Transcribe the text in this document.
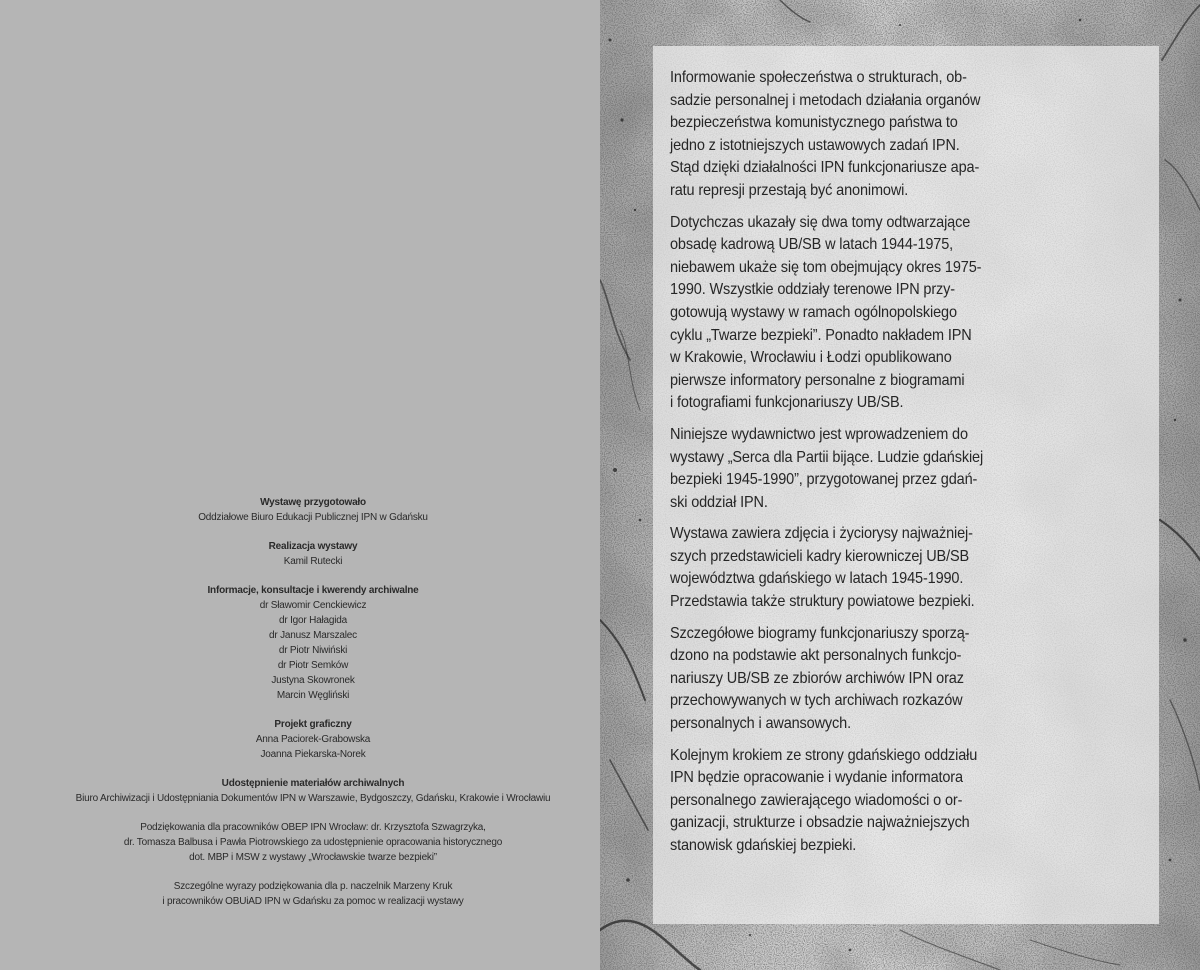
Wystawę przygotowało
Oddziałowe Biuro Edukacji Publicznej IPN w Gdańsku
Realizacja wystawy
Kamil Rutecki
Informacje, konsultacje i kwerendy archiwalne
dr Sławomir Cenckiewicz
dr Igor Hałagida
dr Janusz Marszalec
dr Piotr Niwiński
dr Piotr Semków
Justyna Skowronek
Marcin Węgliński
Projekt graficzny
Anna Paciorek-Grabowska
Joanna Piekarska-Norek
Udostępnienie materiałów archiwalnych
Biuro Archiwizacji i Udostępniania Dokumentów IPN w Warszawie, Bydgoszczy, Gdańsku, Krakowie i Wrocławiu
Podziękowania dla pracowników OBEP IPN Wrocław: dr. Krzysztofa Szwagrzyka,
dr. Tomasza Balbusa i Pawła Piotrowskiego za udostępnienie opracowania historycznego
dot. MBP i MSW z wystawy „Wrocławskie twarze bezpieki”
Szczególne wyrazy podziękowania dla p. naczelnik Marzeny Kruk
i pracowników OBUiAD IPN w Gdańsku za pomoc w realizacji wystawy

Informowanie społeczeństwa o strukturach, ob-
sadzie personalnej i metodach działania organów
bezpieczeństwa komunistycznego państwa to
jedno z istotniejszych ustawowych zadań IPN.
Stąd dzięki działalności IPN funkcjonariusze apa-
ratu represji przestają być anonimowi.

Dotychczas ukazały się dwa tomy odtwarzające
obsadę kadrową UB/SB w latach 1944-1975,
niebawem ukaże się tom obejmujący okres 1975-
1990. Wszystkie oddziały terenowe IPN przy-
gotowują wystawy w ramach ogólnopolskiego
cyklu „Twarze bezpieki”. Ponadto nakładem IPN
w Krakowie, Wrocławiu i Łodzi opublikowano
pierwsze informatory personalne z biogramami
i fotografiami funkcjonariuszy UB/SB.

Niniejsze wydawnictwo jest wprowadzeniem do
wystawy „Serca dla Partii bijące. Ludzie gdańskiej
bezpieki 1945-1990”, przygotowanej przez gdań-
ski oddział IPN.

Wystawa zawiera zdjęcia i życiorysy najważniej-
szych przedstawicieli kadry kierowniczej UB/SB
województwa gdańskiego w latach 1945-1990.
Przedstawia także struktury powiatowe bezpieki.

Szczegółowe biogramy funkcjonariuszy sporzą-
dzono na podstawie akt personalnych funkcjo-
nariuszy UB/SB ze zbiorów archiwów IPN oraz
przechowywanych w tych archiwach rozkazów
personalnych i awansowych.

Kolejnym krokiem ze strony gdańskiego oddziału
IPN będzie opracowanie i wydanie informatora
personalnego zawierającego wiadomości o or-
ganizacji, strukturze i obsadzie najważniejszych
stanowisk gdańskiej bezpieki.
